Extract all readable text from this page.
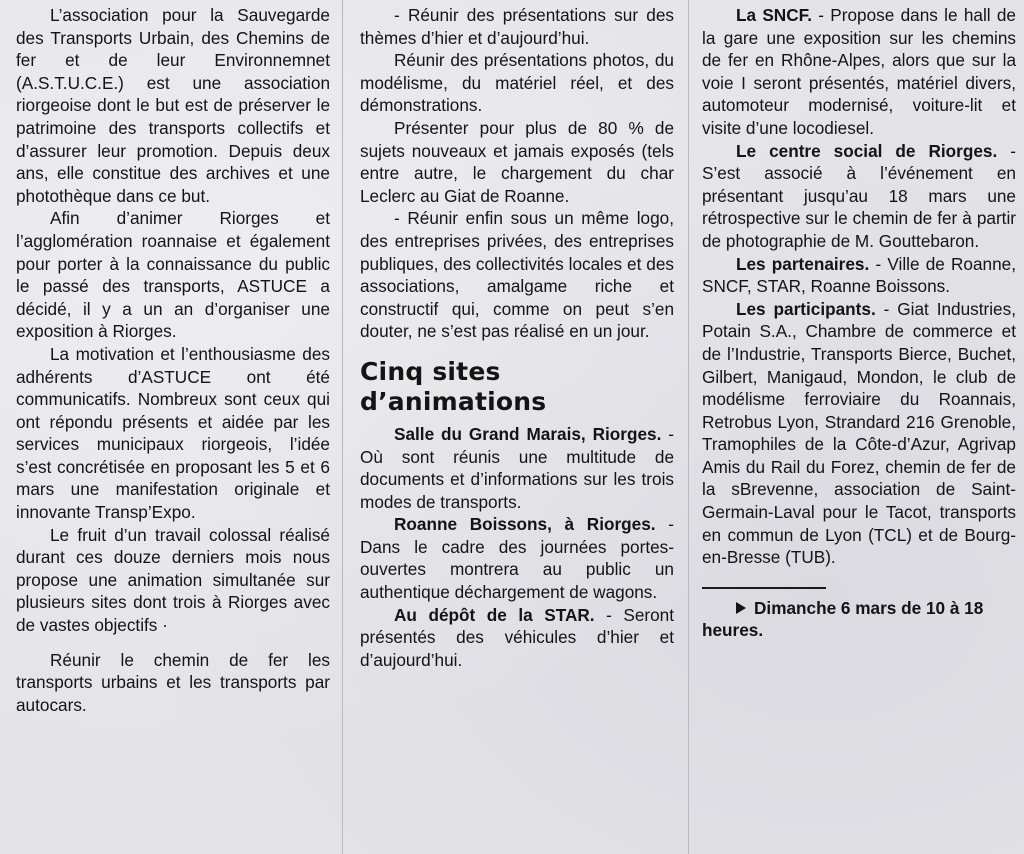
L’association pour la Sauvegarde des Transports Urbain, des Chemins de fer et de leur Environnemnet (A.S.T.U.C.E.) est une association riorgeoise dont le but est de préserver le patrimoine des transports collectifs et d’assurer leur promotion. Depuis deux ans, elle constitue des archives et une photothèque dans ce but.

Afin d’animer Riorges et l’agglomération roannaise et également pour porter à la connaissance du public le passé des transports, ASTUCE a décidé, il y a un an d’organiser une exposition à Riorges.

La motivation et l’enthousiasme des adhérents d’ASTUCE ont été communicatifs. Nombreux sont ceux qui ont répondu présents et aidée par les services municipaux riorgeois, l’idée s’est concrétisée en proposant les 5 et 6 mars une manifestation originale et innovante Transp’Expo.

Le fruit d’un travail colossal réalisé durant ces douze derniers mois nous propose une animation simultanée sur plusieurs sites dont trois à Riorges avec de vastes objectifs ·

Réunir le chemin de fer les transports urbains et les transports par autocars.

- Réunir des présentations sur des thèmes d’hier et d’aujourd’hui.

Réunir des présentations photos, du modélisme, du matériel réel, et des démonstrations.

Présenter pour plus de 80 % de sujets nouveaux et jamais exposés (tels entre autre, le chargement du char Leclerc au Giat de Roanne.

- Réunir enfin sous un même logo, des entreprises privées, des entreprises publiques, des collectivités locales et des associations, amalgame riche et constructif qui, comme on peut s’en douter, ne s’est pas réalisé en un jour.

Cinq sites d’animations

Salle du Grand Marais, Riorges. - Où sont réunis une multitude de documents et d’informations sur les trois modes de transports.

Roanne Boissons, à Riorges. - Dans le cadre des journées portes-ouvertes montrera au public un authentique déchargement de wagons.

Au dépôt de la STAR. - Seront présentés des véhicules d’hier et d’aujourd’hui.

La SNCF. - Propose dans le hall de la gare une exposition sur les chemins de fer en Rhône-Alpes, alors que sur la voie I seront présentés, matériel divers, automoteur modernisé, voiture-lit et visite d’une locodiesel.

Le centre social de Riorges. - S’est associé à l’événement en présentant jusqu’au 18 mars une rétrospective sur le chemin de fer à partir de photographie de M. Gouttebaron.

Les partenaires. - Ville de Roanne, SNCF, STAR, Roanne Boissons.

Les participants. - Giat Industries, Potain S.A., Chambre de commerce et de l’Industrie, Transports Bierce, Buchet, Gilbert, Manigaud, Mondon, le club de modélisme ferroviaire du Roannais, Retrobus Lyon, Strandard 216 Grenoble, Tramophiles de la Côte-d’Azur, Agrivap Amis du Rail du Forez, chemin de fer de la sBrevenne, association de Saint-Germain-Laval pour le Tacot, transports en commun de Lyon (TCL) et de Bourg-en-Bresse (TUB).

Dimanche 6 mars de 10 à 18 heures.
